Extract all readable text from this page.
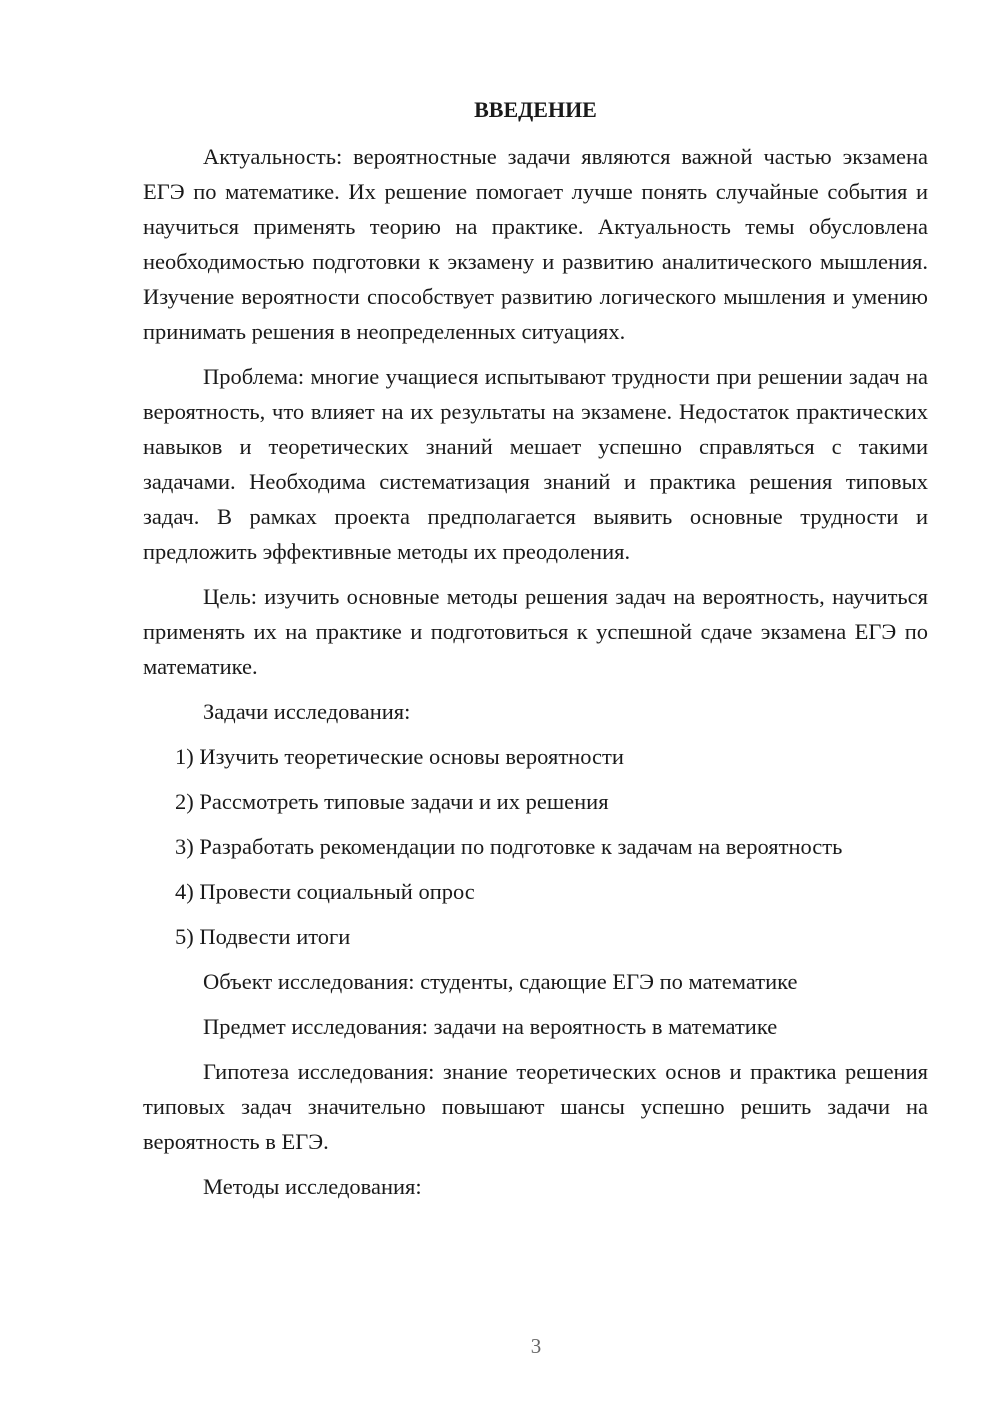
ВВЕДЕНИЕ

Актуальность: вероятностные задачи являются важной частью экзамена ЕГЭ по математике. Их решение помогает лучше понять случайные события и научиться применять теорию на практике. Актуальность темы обусловлена необходимостью подготовки к экзамену и развитию аналитического мышления. Изучение вероятности способствует развитию логического мышления и умению принимать решения в неопределенных ситуациях.

Проблема: многие учащиеся испытывают трудности при решении задач на вероятность, что влияет на их результаты на экзамене. Недостаток практических навыков и теоретических знаний мешает успешно справляться с такими задачами. Необходима систематизация знаний и практика решения типовых задач. В рамках проекта предполагается выявить основные трудности и предложить эффективные методы их преодоления.

Цель: изучить основные методы решения задач на вероятность, научиться применять их на практике и подготовиться к успешной сдаче экзамена ЕГЭ по математике.

Задачи исследования:

1) Изучить теоретические основы вероятности
2) Рассмотреть типовые задачи и их решения
3) Разработать рекомендации по подготовке к задачам на вероятность
4) Провести социальный опрос
5) Подвести итоги

Объект исследования: студенты, сдающие ЕГЭ по математике

Предмет исследования: задачи на вероятность в математике

Гипотеза исследования: знание теоретических основ и практика решения типовых задач значительно повышают шансы успешно решить задачи на вероятность в ЕГЭ.

Методы исследования:

3
